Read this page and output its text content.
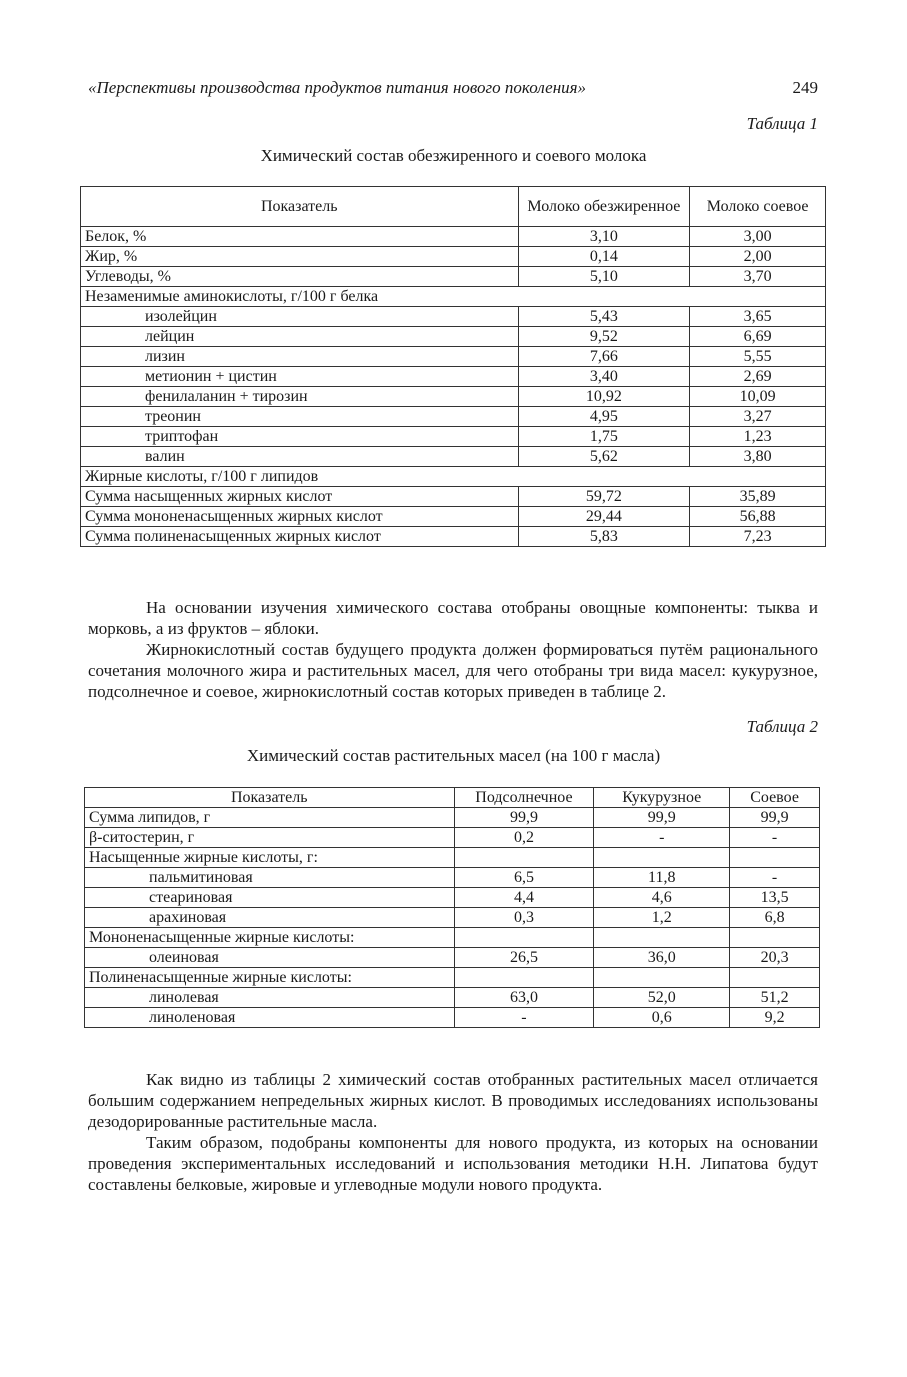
«Перспективы производства продуктов питания нового поколения»	249
Таблица 1
Химический состав обезжиренного и соевого молока
Показатель	Молоко обезжиренное	Молоко соевое
Белок, %	3,10	3,00
Жир, %	0,14	2,00
Углеводы, %	5,10	3,70
Незаменимые аминокислоты, г/100 г белка		
изолейцин	5,43	3,65
лейцин	9,52	6,69
лизин	7,66	5,55
метионин + цистин	3,40	2,69
фенилаланин + тирозин	10,92	10,09
треонин	4,95	3,27
триптофан	1,75	1,23
валин	5,62	3,80
Жирные кислоты, г/100 г липидов		
Сумма насыщенных жирных кислот	59,72	35,89
Сумма мононенасыщенных жирных кислот	29,44	56,88
Сумма полиненасыщенных жирных кислот	5,83	7,23

На основании изучения химического состава отобраны овощные компоненты: тыква и морковь, а из фруктов – яблоки.

Жирнокислотный состав будущего продукта должен формироваться путём рационального сочетания молочного жира и растительных масел, для чего отобраны три вида масел: кукурузное, подсолнечное и соевое, жирнокислотный состав которых приведен в таблице 2.

Таблица 2
Химический состав растительных масел (на 100 г масла)
Показатель	Подсолнечное	Кукурузное	Соевое
Сумма липидов, г	99,9	99,9	99,9
β-ситостерин, г	0,2	-	-
Насыщенные жирные кислоты, г:			
пальмитиновая	6,5	11,8	-
стеариновая	4,4	4,6	13,5
арахиновая	0,3	1,2	6,8
Мононенасыщенные жирные кислоты:			
олеиновая	26,5	36,0	20,3
Полиненасыщенные жирные кислоты:			
линолевая	63,0	52,0	51,2
линоленовая	-	0,6	9,2

Как видно из таблицы 2 химический состав отобранных растительных масел отличается большим содержанием непредельных жирных кислот. В проводимых исследованиях использованы дезодорированные растительные масла.

Таким образом, подобраны компоненты для нового продукта, из которых на основании проведения экспериментальных исследований и использования методики Н.Н. Липатова будут составлены белковые, жировые и углеводные модули нового продукта.
